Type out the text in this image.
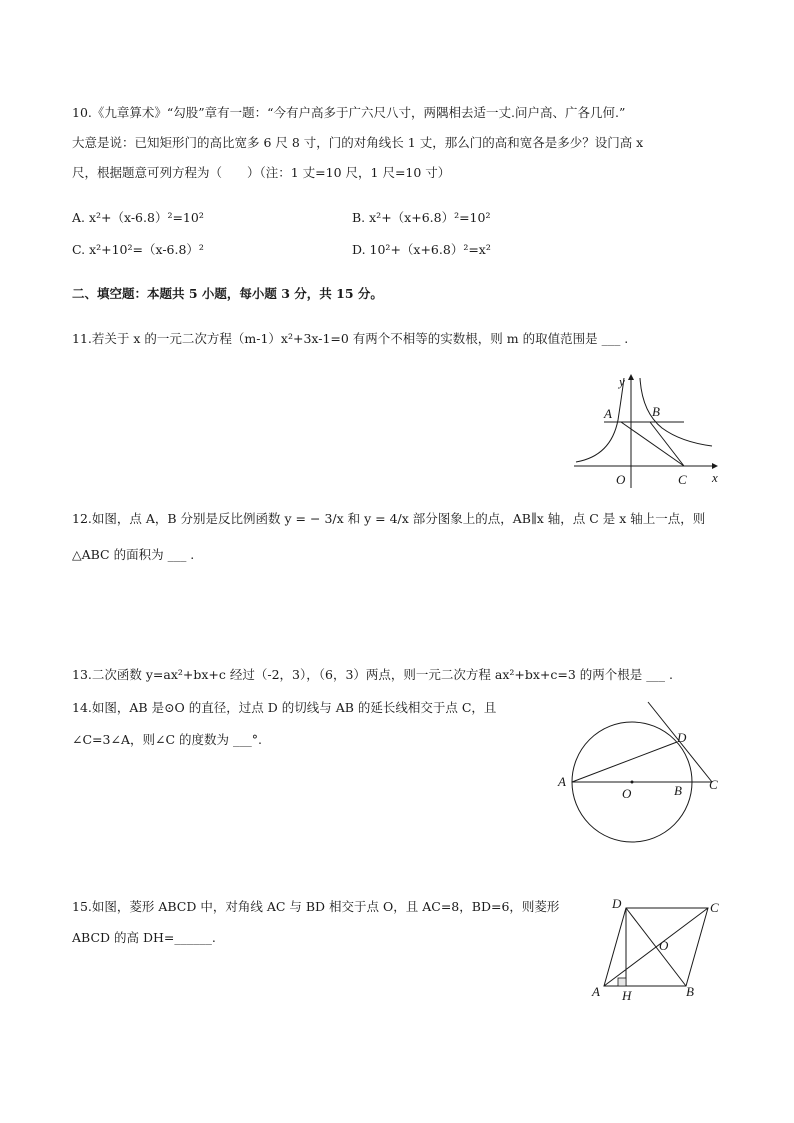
10.《九章算术》“勾股”章有一题：“今有户高多于广六尺八寸，两隅相去适一丈.问户高、广各几何.”
大意是说：已知矩形门的高比宽多 6 尺 8 寸，门的对角线长 1 丈，那么门的高和宽各是多少？设门高 x
尺，根据题意可列方程为（　　）（注：1 丈=10 尺，1 尺=10 寸）
A. x²+（x-6.8）²=10²	B. x²+（x+6.8）²=10²
C. x²+10²=（x-6.8）²	D. 10²+（x+6.8）²=x²
二、填空题：本题共 5 小题，每小题 3 分，共 15 分。
11.若关于 x 的一元二次方程（m-1）x²+3x-1=0 有两个不相等的实数根，则 m 的取值范围是 ___ .
y
x
A	B
O	C
12.如图，点 A，B 分别是反比例函数 y = − 3/x 和 y = 4/x 部分图象上的点，AB∥x 轴，点 C 是 x 轴上一点，则
△ABC 的面积为 ___ .
13.二次函数 y=ax²+bx+c 经过（-2，3），（6，3）两点，则一元二次方程 ax²+bx+c=3 的两个根是 ___ .
14.如图，AB 是⊙O 的直径，过点 D 的切线与 AB 的延长线相交于点 C，且
∠C=3∠A，则∠C 的度数为 ___°.
A
O	B C
D
15.如图，菱形 ABCD 中，对角线 AC 与 BD 相交于点 O，且 AC=8，BD=6，则菱形
ABCD 的高 DH=______.
D	C
O
A H	B
